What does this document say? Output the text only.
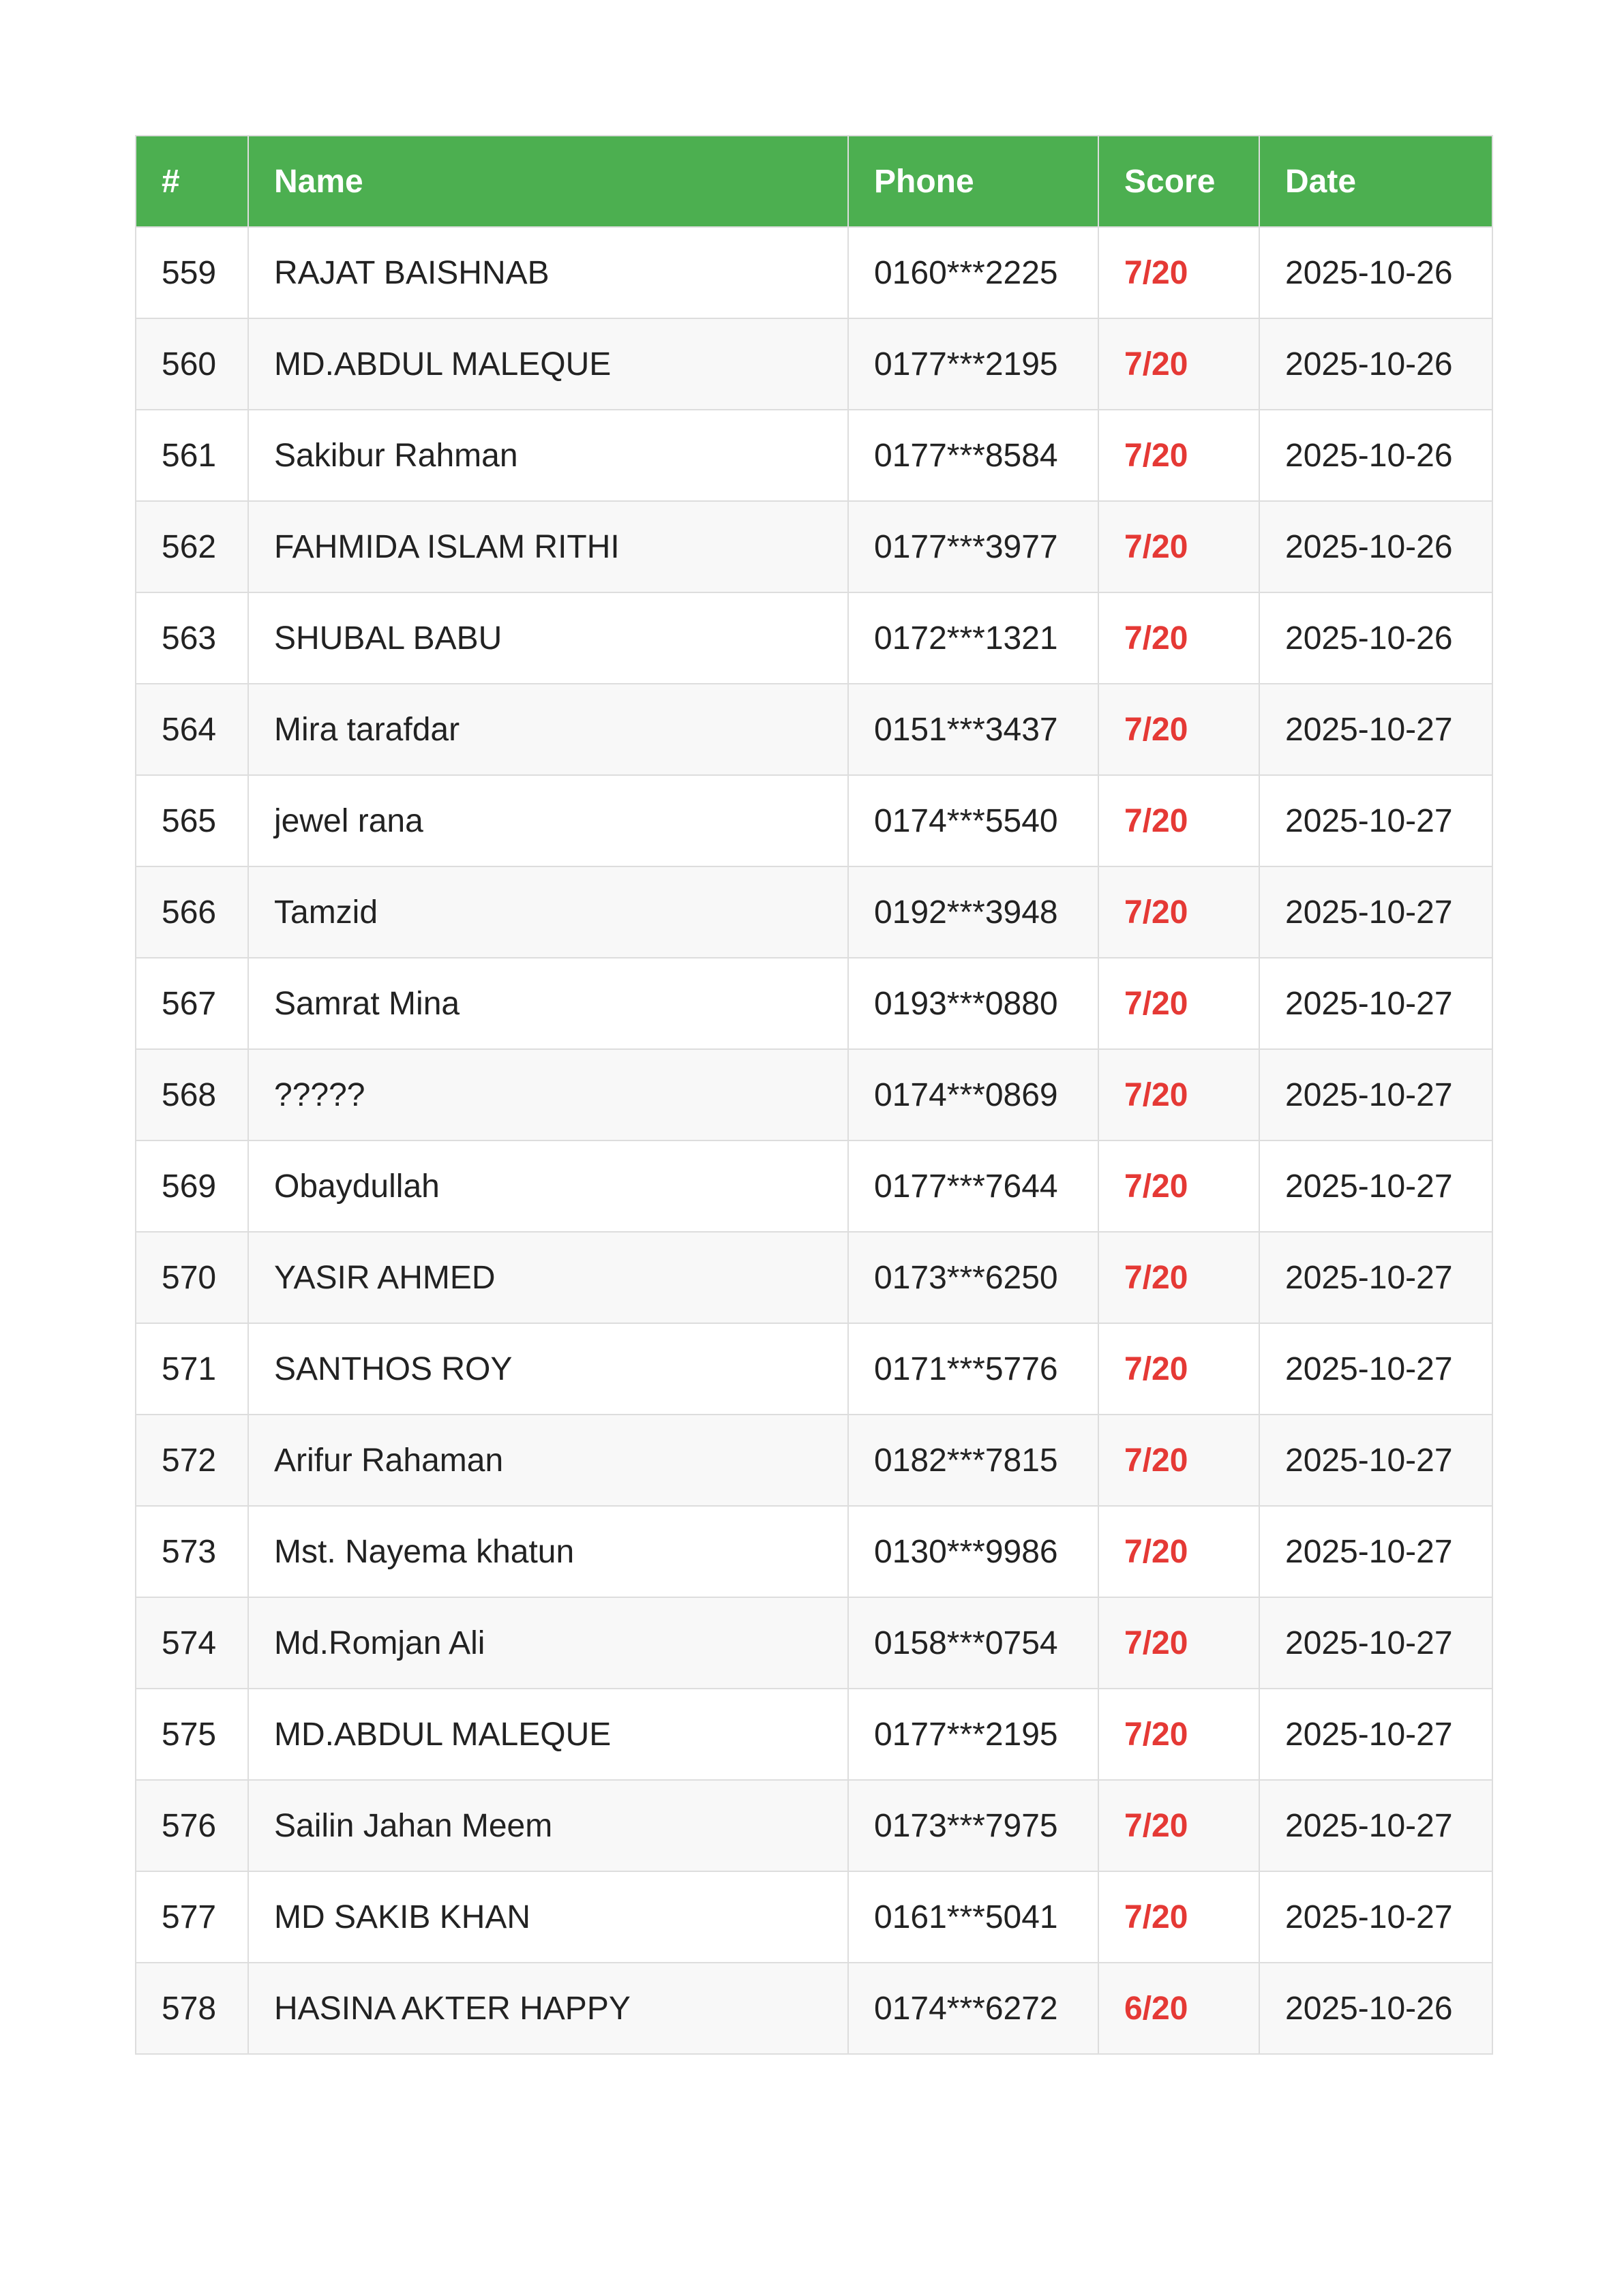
#	Name	Phone	Score	Date
559	RAJAT BAISHNAB	0160***2225	7/20	2025-10-26
560	MD.ABDUL MALEQUE	0177***2195	7/20	2025-10-26
561	Sakibur Rahman	0177***8584	7/20	2025-10-26
562	FAHMIDA ISLAM RITHI	0177***3977	7/20	2025-10-26
563	SHUBAL BABU	0172***1321	7/20	2025-10-26
564	Mira tarafdar	0151***3437	7/20	2025-10-27
565	jewel rana	0174***5540	7/20	2025-10-27
566	Tamzid	0192***3948	7/20	2025-10-27
567	Samrat Mina	0193***0880	7/20	2025-10-27
568	?????	0174***0869	7/20	2025-10-27
569	Obaydullah	0177***7644	7/20	2025-10-27
570	YASIR AHMED	0173***6250	7/20	2025-10-27
571	SANTHOS ROY	0171***5776	7/20	2025-10-27
572	Arifur Rahaman	0182***7815	7/20	2025-10-27
573	Mst. Nayema khatun	0130***9986	7/20	2025-10-27
574	Md.Romjan Ali	0158***0754	7/20	2025-10-27
575	MD.ABDUL MALEQUE	0177***2195	7/20	2025-10-27
576	Sailin Jahan Meem	0173***7975	7/20	2025-10-27
577	MD SAKIB KHAN	0161***5041	7/20	2025-10-27
578	HASINA AKTER HAPPY	0174***6272	6/20	2025-10-26
